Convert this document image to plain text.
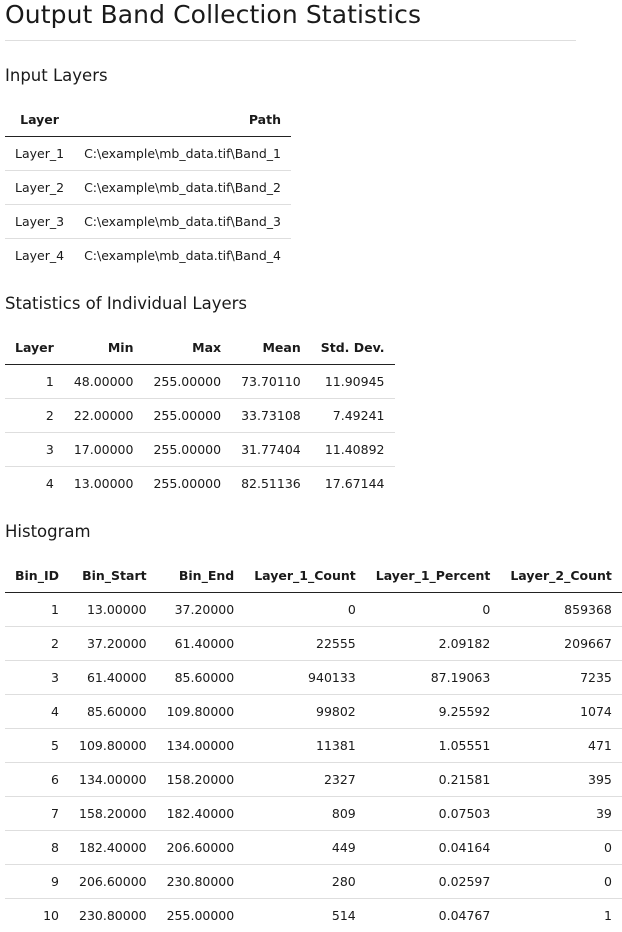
Output Band Collection Statistics
Input Layers
Layer	Path
Layer_1	C:\example\mb_data.tif\Band_1
Layer_2	C:\example\mb_data.tif\Band_2
Layer_3	C:\example\mb_data.tif\Band_3
Layer_4	C:\example\mb_data.tif\Band_4
Statistics of Individual Layers
Layer	Min	Max	Mean	Std. Dev.
1	48.00000	255.00000	73.70110	11.90945
2	22.00000	255.00000	33.73108	7.49241
3	17.00000	255.00000	31.77404	11.40892
4	13.00000	255.00000	82.51136	17.67144
Histogram
Bin_ID	Bin_Start	Bin_End	Layer_1_Count	Layer_1_Percent	Layer_2_Count
1	13.00000	37.20000	0	0	859368
2	37.20000	61.40000	22555	2.09182	209667
3	61.40000	85.60000	940133	87.19063	7235
4	85.60000	109.80000	99802	9.25592	1074
5	109.80000	134.00000	11381	1.05551	471
6	134.00000	158.20000	2327	0.21581	395
7	158.20000	182.40000	809	0.07503	39
8	182.40000	206.60000	449	0.04164	0
9	206.60000	230.80000	280	0.02597	0
10	230.80000	255.00000	514	0.04767	1
